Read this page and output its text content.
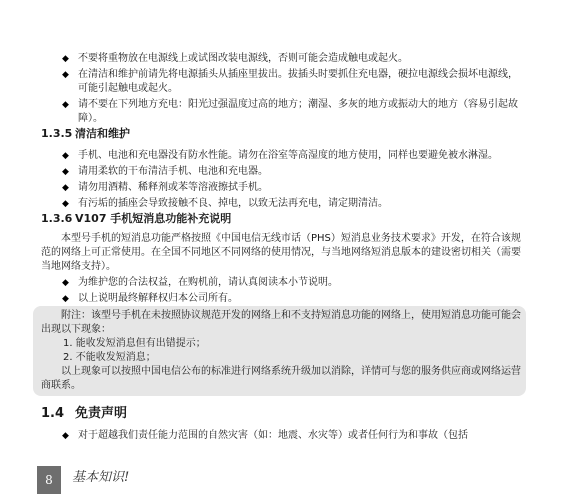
◆ 不要将重物放在电源线上或试图改装电源线，否则可能会造成触电或起火。
◆ 在清洁和维护前请先将电源插头从插座里拔出。拔插头时要抓住充电器，硬拉电源线会损坏电源线，可能引起触电或起火。
◆ 请不要在下列地方充电：阳光过强温度过高的地方；潮湿、多灰的地方或振动大的地方（容易引起故障）。
1.3.5 清洁和维护
◆ 手机、电池和充电器没有防水性能。请勿在浴室等高湿度的地方使用，同样也要避免被水淋湿。
◆ 请用柔软的干布清洁手机、电池和充电器。
◆ 请勿用酒精、稀释剂或苯等溶液擦拭手机。
◆ 有污垢的插座会导致接触不良、掉电，以致无法再充电，请定期清洁。
1.3.6 V107 手机短消息功能补充说明
本型号手机的短消息功能严格按照《中国电信无线市话（PHS）短消息业务技术要求》开发，在符合该规范的网络上可正常使用。在全国不同地区不同网络的使用情况，与当地网络短消息版本的建设密切相关（需要当地网络支持）。
◆ 为维护您的合法权益，在购机前，请认真阅读本小节说明。
◆ 以上说明最终解释权归本公司所有。
附注：该型号手机在未按照协议规范开发的网络上和不支持短消息功能的网络上，使用短消息功能可能会出现以下现象：
1. 能收发短消息但有出错提示；
2. 不能收发短消息；
以上现象可以按照中国电信公布的标准进行网络系统升级加以消除，详情可与您的服务供应商或网络运营商联系。
1.4 免责声明
◆ 对于超越我们责任能力范围的自然灾害（如：地震、水灾等）或者任何行为和事故（包括
8	基本知识!
